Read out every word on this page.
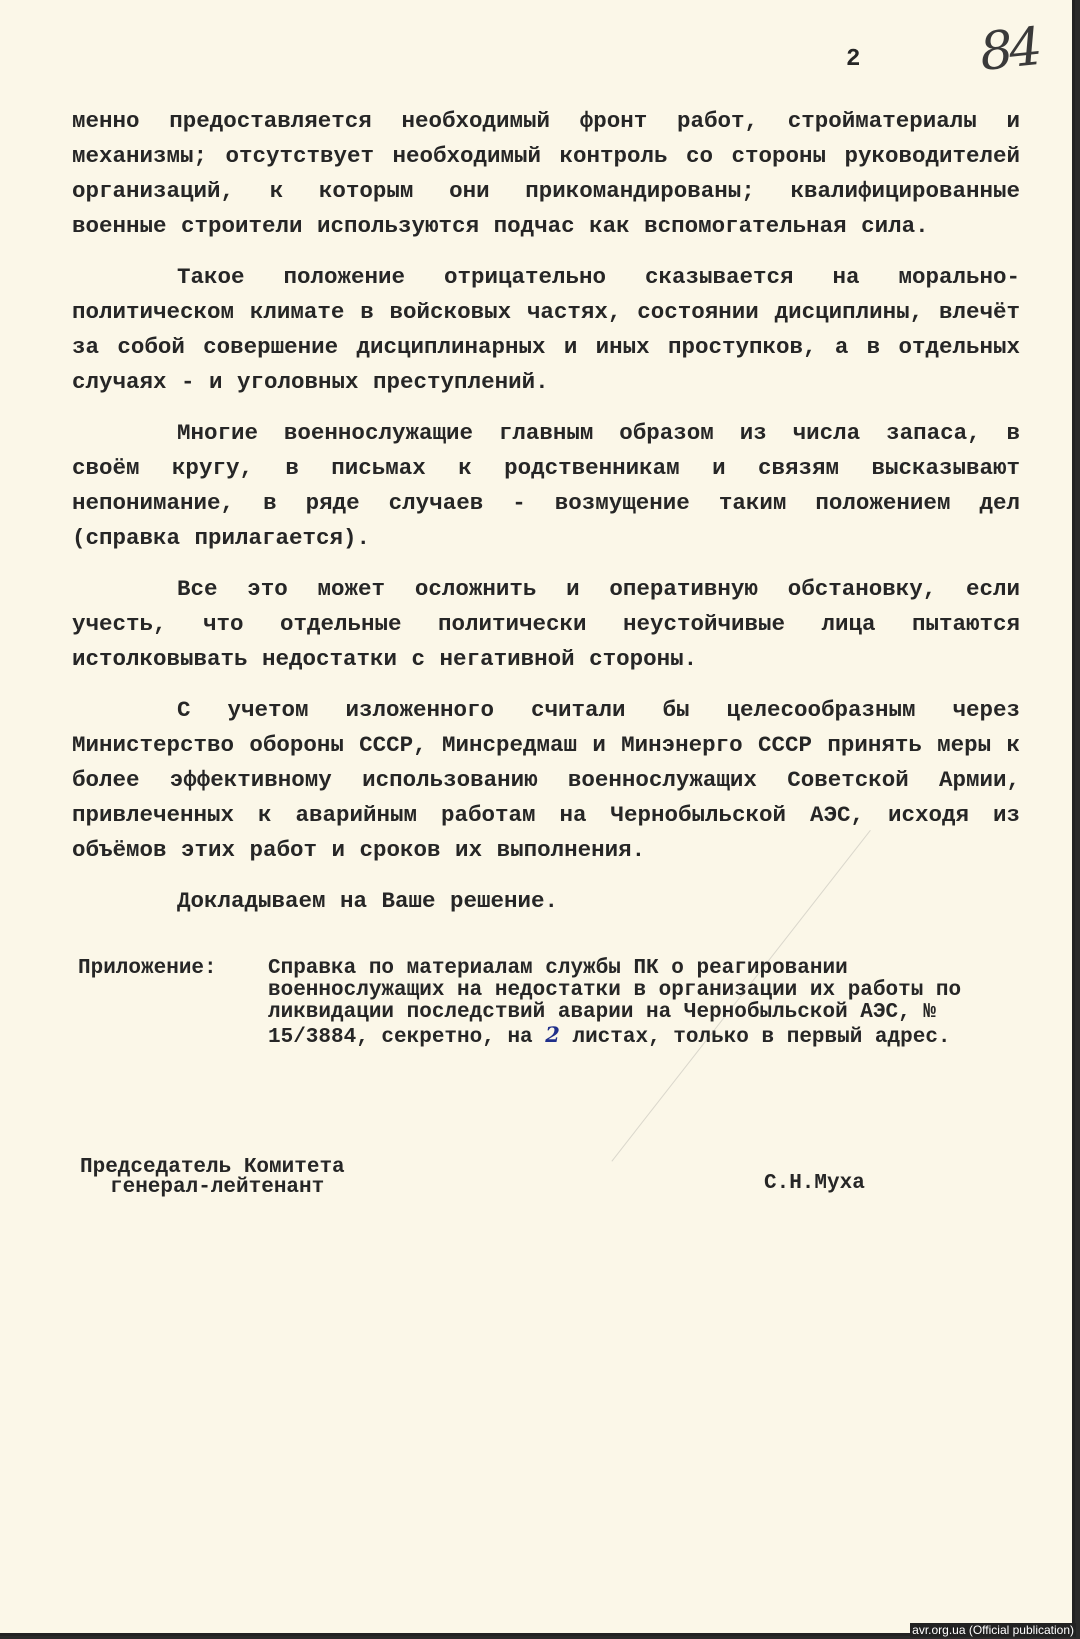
2 84

менно предоставляется необходимый фронт работ, стройматериалы и механизмы; отсутствует необходимый контроль со стороны руководителей организаций, к которым они прикомандированы; квалифицированные военные строители используются подчас как вспомогательная сила.

Такое положение отрицательно сказывается на морально-политическом климате в войсковых частях, состоянии дисциплины, влечёт за собой совершение дисциплинарных и иных проступков, а в отдельных случаях - и уголовных преступлений.

Многие военнослужащие главным образом из числа запаса, в своём кругу, в письмах к родственникам и связям высказывают непонимание, в ряде случаев - возмущение таким положением дел (справка прилагается).

Все это может осложнить и оперативную обстановку, если учесть, что отдельные политически неустойчивые лица пытаются истолковывать недостатки с негативной стороны.

С учетом изложенного считали бы целесообразным через Министерство обороны СССР, Минсредмаш и Минэнерго СССР принять меры к более эффективному использованию военнослужащих Советской Армии, привлеченных к аварийным работам на Чернобыльской АЭС, исходя из объёмов этих работ и сроков их выполнения.

Докладываем на Ваше решение.

Приложение: Справка по материалам службы ПК о реагировании военнослужащих на недостатки в организации их работы по ликвидации последствий аварии на Чернобыльской АЭС, № 15/3884, секретно, на 2 листах, только в первый адрес.
Председатель Комитета
генерал-лейтенант	С.Н.Муха
avr.org.ua (Official publication)
